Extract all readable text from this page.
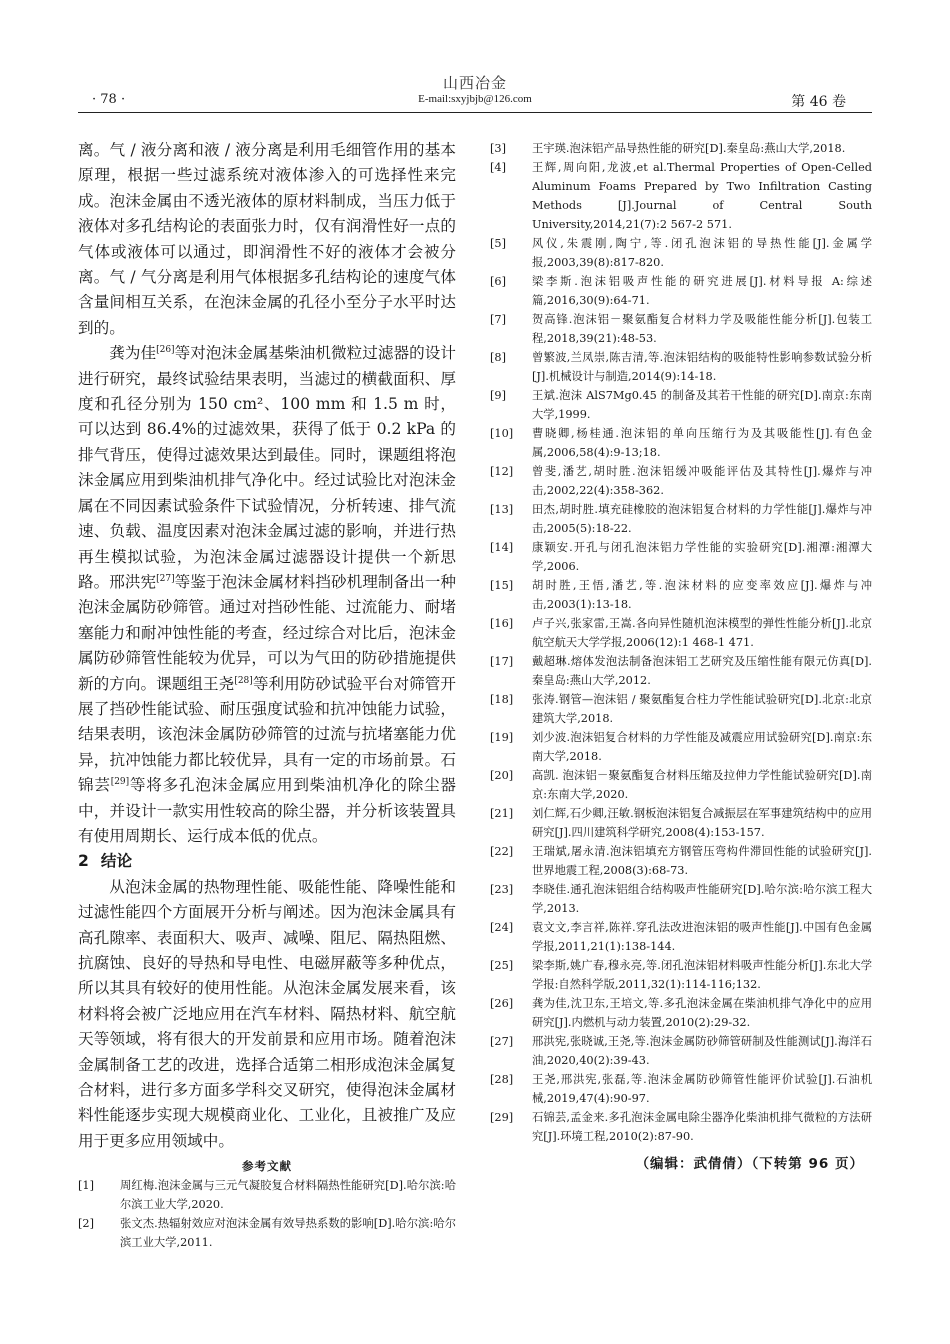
山西冶金
· 78 ·	E-mail:sxyjbjb@126.com	第 46 卷

离。气 / 液分离和液 / 液分离是利用毛细管作用的基本原理，根据一些过滤系统对液体渗入的可选择性来完成。泡沫金属由不透光液体的原材料制成，当压力低于液体对多孔结构论的表面张力时，仅有润滑性好一点的气体或液体可以通过，即润滑性不好的液体才会被分离。气 / 气分离是利用气体根据多孔结构论的速度气体含量间相互关系，在泡沫金属的孔径小至分子水平时达到的。

龚为佳[26]等对泡沫金属基柴油机微粒过滤器的设计进行研究，最终试验结果表明，当滤过的横截面积、厚度和孔径分别为 150 cm²、100 mm 和 1.5 m 时，可以达到 86.4%的过滤效果，获得了低于 0.2 kPa 的排气背压，使得过滤效果达到最佳。同时，课题组将泡沫金属应用到柴油机排气净化中。经过试验比对泡沫金属在不同因素试验条件下试验情况，分析转速、排气流速、负载、温度因素对泡沫金属过滤的影响，并进行热再生模拟试验，为泡沫金属过滤器设计提供一个新思路。邢洪宪[27]等鉴于泡沫金属材料挡砂机理制备出一种泡沫金属防砂筛管。通过对挡砂性能、过流能力、耐堵塞能力和耐冲蚀性能的考查，经过综合对比后，泡沫金属防砂筛管性能较为优异，可以为气田的防砂措施提供新的方向。课题组王尧[28]等利用防砂试验平台对筛管开展了挡砂性能试验、耐压强度试验和抗冲蚀能力试验，结果表明，该泡沫金属防砂筛管的过流与抗堵塞能力优异，抗冲蚀能力都比较优异，具有一定的市场前景。石锦芸[29]等将多孔泡沫金属应用到柴油机净化的除尘器中，并设计一款实用性较高的除尘器，并分析该装置具有使用周期长、运行成本低的优点。

2 结论

从泡沫金属的热物理性能、吸能性能、降噪性能和过滤性能四个方面展开分析与阐述。因为泡沫金属具有高孔隙率、表面积大、吸声、减噪、阻尼、隔热阻燃、抗腐蚀、良好的导热和导电性、电磁屏蔽等多种优点，所以其具有较好的使用性能。从泡沫金属发展来看，该材料将会被广泛地应用在汽车材料、隔热材料、航空航天等领域，将有很大的开发前景和应用市场。随着泡沫金属制备工艺的改进，选择合适第二相形成泡沫金属复合材料，进行多方面多学科交叉研究，使得泡沫金属材料性能逐步实现大规模商业化、工业化，且被推广及应用于更多应用领域中。

参考文献
[1]	周红梅.泡沫金属与三元气凝胶复合材料隔热性能研究[D].哈尔滨:哈尔滨工业大学,2020.
[2]	张文杰.热辐射效应对泡沫金属有效导热系数的影响[D].哈尔滨:哈尔滨工业大学,2011.
[3]	王宇瑛.泡沫铝产品导热性能的研究[D].秦皇岛:燕山大学,2018.
[4]	王辉,周向阳,龙波,et al.Thermal Properties of Open-Celled Aluminum Foams Prepared by Two Infiltration Casting Methods [J].Journal of Central South University,2014,21(7):2 567-2 571.
[5]	风仪,朱震刚,陶宁,等.闭孔泡沫铝的导热性能[J].金属学报,2003,39(8):817-820.
[6]	梁李斯.泡沫铝吸声性能的研究进展[J].材料导报 A:综述篇,2016,30(9):64-71.
[7]	贺高锋.泡沫铝－聚氨酯复合材料力学及吸能性能分析[J].包装工程,2018,39(21):48-53.
[8]	曾繁波,兰凤崇,陈吉清,等.泡沫铝结构的吸能特性影响参数试验分析[J].机械设计与制造,2014(9):14-18.
[9]	王斌.泡沫 AlS7Mg0.45 的制备及其若干性能的研究[D].南京:东南大学,1999.
[10]	曹晓卿,杨桂通.泡沫铝的单向压缩行为及其吸能性[J].有色金属,2006,58(4):9-13;18.
[12]	曾斐,潘艺,胡时胜.泡沫铝缓冲吸能评估及其特性[J].爆炸与冲击,2002,22(4):358-362.
[13]	田杰,胡时胜.填充硅橡胶的泡沫铝复合材料的力学性能[J].爆炸与冲击,2005(5):18-22.
[14]	康颖安.开孔与闭孔泡沫铝力学性能的实验研究[D].湘潭:湘潭大学,2006.
[15]	胡时胜,王悟,潘艺,等.泡沫材料的应变率效应[J].爆炸与冲击,2003(1):13-18.
[16]	卢子兴,张家雷,王嵩.各向异性随机泡沫模型的弹性性能分析[J].北京航空航天大学学报,2006(12):1 468-1 471.
[17]	戴超琳.熔体发泡法制备泡沫铝工艺研究及压缩性能有限元仿真[D].秦皇岛:燕山大学,2012.
[18]	张涛.钢管—泡沫铝 / 聚氨酯复合柱力学性能试验研究[D].北京:北京建筑大学,2018.
[19]	刘少波.泡沫铝复合材料的力学性能及减震应用试验研究[D].南京:东南大学,2018.
[20]	高凯. 泡沫铝－聚氨酯复合材料压缩及拉伸力学性能试验研究[D].南京:东南大学,2020.
[21]	刘仁辉,石少卿,汪敏.钢板泡沫铝复合减振层在军事建筑结构中的应用研究[J].四川建筑科学研究,2008(4):153-157.
[22]	王瑞斌,屠永清.泡沫铝填充方钢管压弯构件滞回性能的试验研究[J].世界地震工程,2008(3):68-73.
[23]	李晓佳.通孔泡沫铝组合结构吸声性能研究[D].哈尔滨:哈尔滨工程大学,2013.
[24]	袁文文,李言祥,陈祥.穿孔法改进泡沫铝的吸声性能[J].中国有色金属学报,2011,21(1):138-144.
[25]	梁李斯,姚广春,穆永亮,等.闭孔泡沫铝材料吸声性能分析[J].东北大学学报:自然科学版,2011,32(1):114-116;132.
[26]	龚为佳,沈卫东,王培文,等.多孔泡沫金属在柴油机排气净化中的应用研究[J].内燃机与动力装置,2010(2):29-32.
[27]	邢洪宪,张晓诚,王尧,等.泡沫金属防砂筛管研制及性能测试[J].海洋石油,2020,40(2):39-43.
[28]	王尧,邢洪宪,张磊,等.泡沫金属防砂筛管性能评价试验[J].石油机械,2019,47(4):90-97.
[29]	石锦芸,孟金来.多孔泡沫金属电除尘器净化柴油机排气微粒的方法研究[J].环境工程,2010(2):87-90.
（编辑：武倩倩）（下转第 96 页）
